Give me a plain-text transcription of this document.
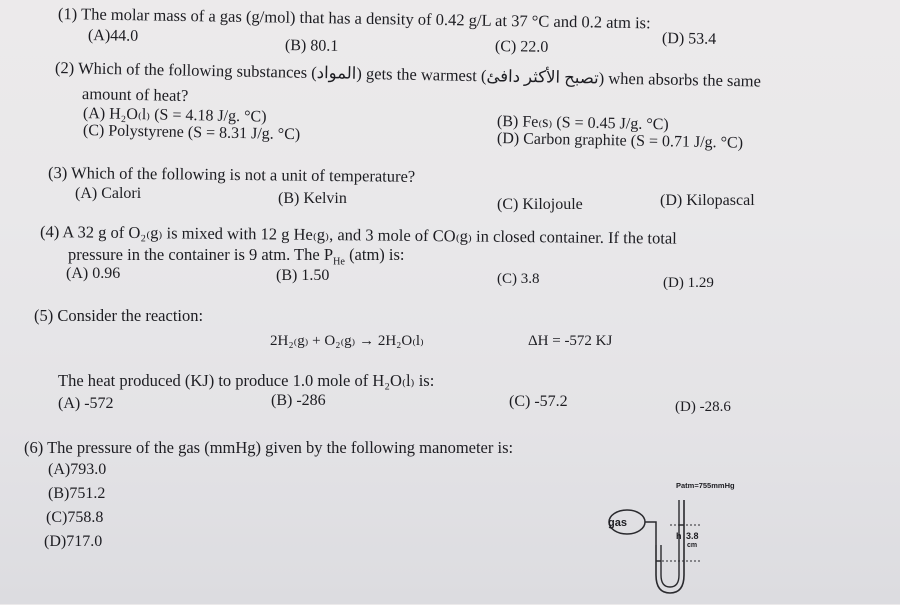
(1) The molar mass of a gas (g/mol) that has a density of 0.42 g/L at 37 °C and 0.2 atm is:
(A)44.0
(B) 80.1	(C) 22.0	(D) 53.4
(2) Which of the following substances (المواد) gets the warmest (تصبح الأكثر دافئ) when absorbs the same
amount of heat?
(A) H₂O₍l₎ (S = 4.18 J/g. °C)
(C) Polystyrene (S = 8.31 J/g. °C)	(B) Fe₍s₎ (S = 0.45 J/g. °C)
(D) Carbon graphite (S = 0.71 J/g. °C)
(3) Which of the following is not a unit of temperature?
(A) Calori	(B) Kelvin	(C) Kilojoule	(D) Kilopascal
(4) A 32 g of O₂₍g₎ is mixed with 12 g He₍g₎, and 3 mole of CO₍g₎ in closed container. If the total
pressure in the container is 9 atm. The $P_{He}$ (atm) is:
(A) 0.96	(B) 1.50	(C) 3.8	(D) 1.29
(5) Consider the reaction:
2H₂₍g₎ + O₂₍g₎ → 2H₂O₍l₎	ΔH = -572 KJ
The heat produced (KJ) to produce 1.0 mole of H₂O₍l₎ is:
(A) -572	(B) -286	(C) -57.2	(D) -28.6
(6) The pressure of the gas (mmHg) given by the following manometer is:
(A)793.0
(B)751.2
(C)758.8
(D)717.0
gas
Patm=755mmHg
h 3.8
cm
